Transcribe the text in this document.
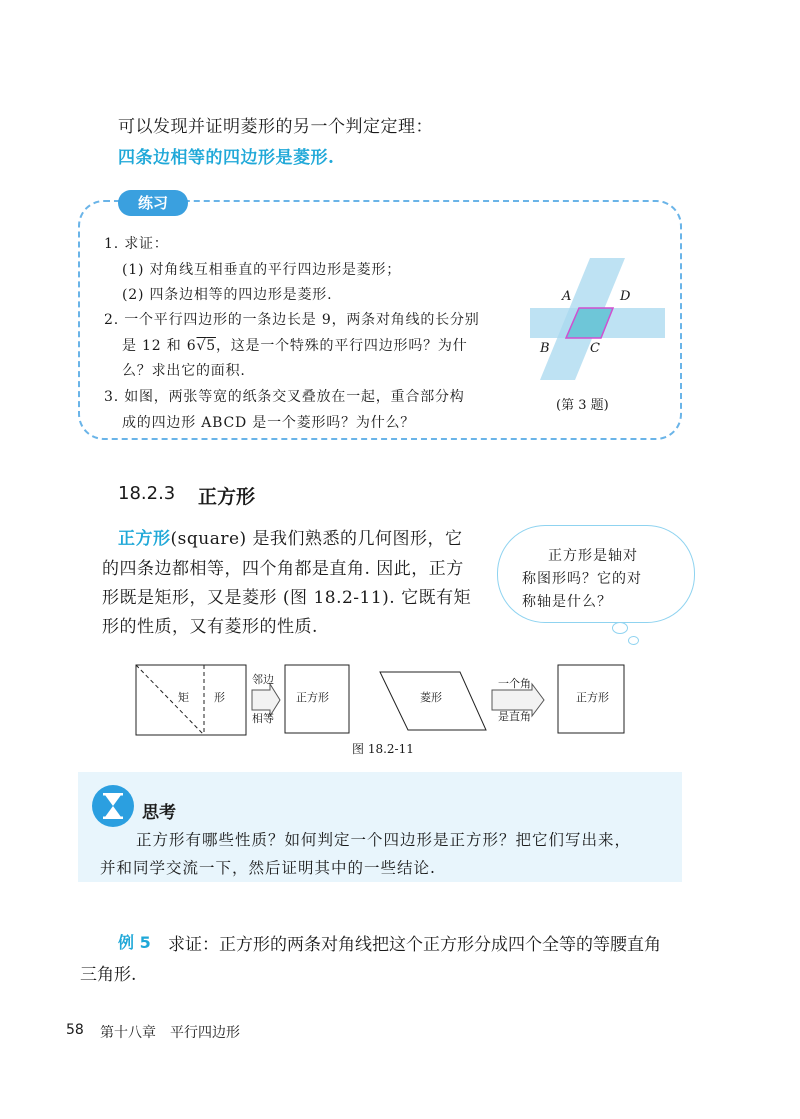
可以发现并证明菱形的另一个判定定理：
四条边相等的四边形是菱形.
练习
1. 求证：
(1) 对角线互相垂直的平行四边形是菱形；
(2) 四条边相等的四边形是菱形.
2. 一个平行四边形的一条边长是 9，两条对角线的长分别
是 12 和 6√5，这是一个特殊的平行四边形吗？为什
么？求出它的面积.
3. 如图，两张等宽的纸条交叉叠放在一起，重合部分构
成的四边形 ABCD 是一个菱形吗？为什么？
A	D
B	C
(第 3 题)
18.2.3 正方形
正方形(square) 是我们熟悉的几何图形，它
的四条边都相等，四个角都是直角. 因此，正方
形既是矩形，又是菱形 (图 18.2-11). 它既有矩
形的性质，又有菱形的性质.
正方形是轴对
称图形吗？它的对
称轴是什么？
矩 形
邻边
相等
正方形	菱形
一个角
是直角
正方形
图 18.2-11
思考
正方形有哪些性质？如何判定一个四边形是正方形？把它们写出来，
并和同学交流一下，然后证明其中的一些结论.
例 5 求证：正方形的两条对角线把这个正方形分成四个全等的等腰直角
三角形.
58 第十八章　平行四边形
